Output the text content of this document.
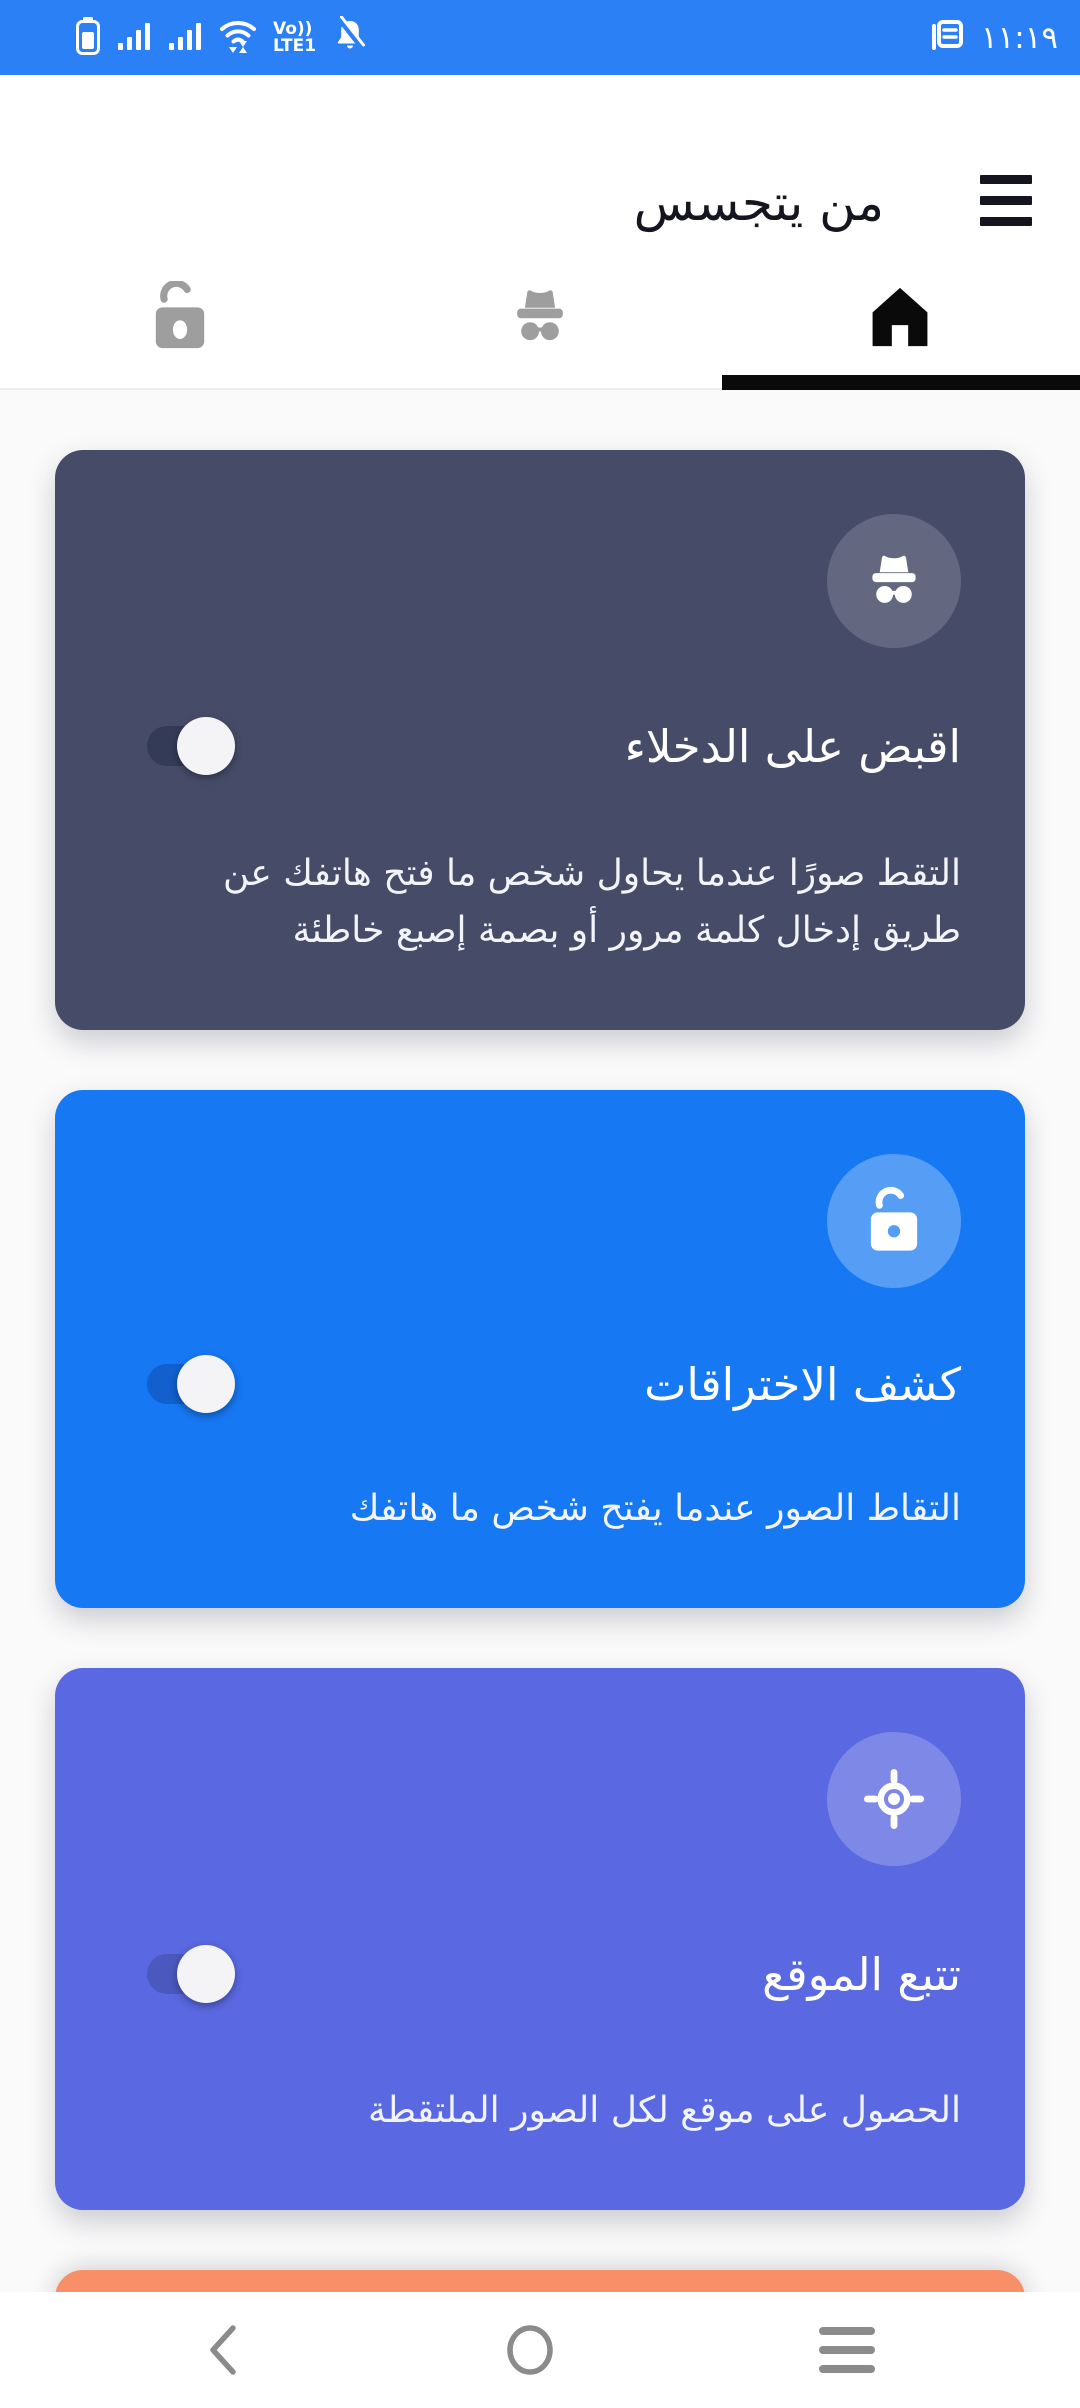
Vo))
LTE1	١١:١٩
من يتجسس
اقبض على الدخلاء
التقط صورًا عندما يحاول شخص ما فتح هاتفك عن طريق إدخال كلمة مرور أو بصمة إصبع خاطئة
كشف الاختراقات
التقاط الصور عندما يفتح شخص ما هاتفك
تتبع الموقع
الحصول على موقع لكل الصور الملتقطة
